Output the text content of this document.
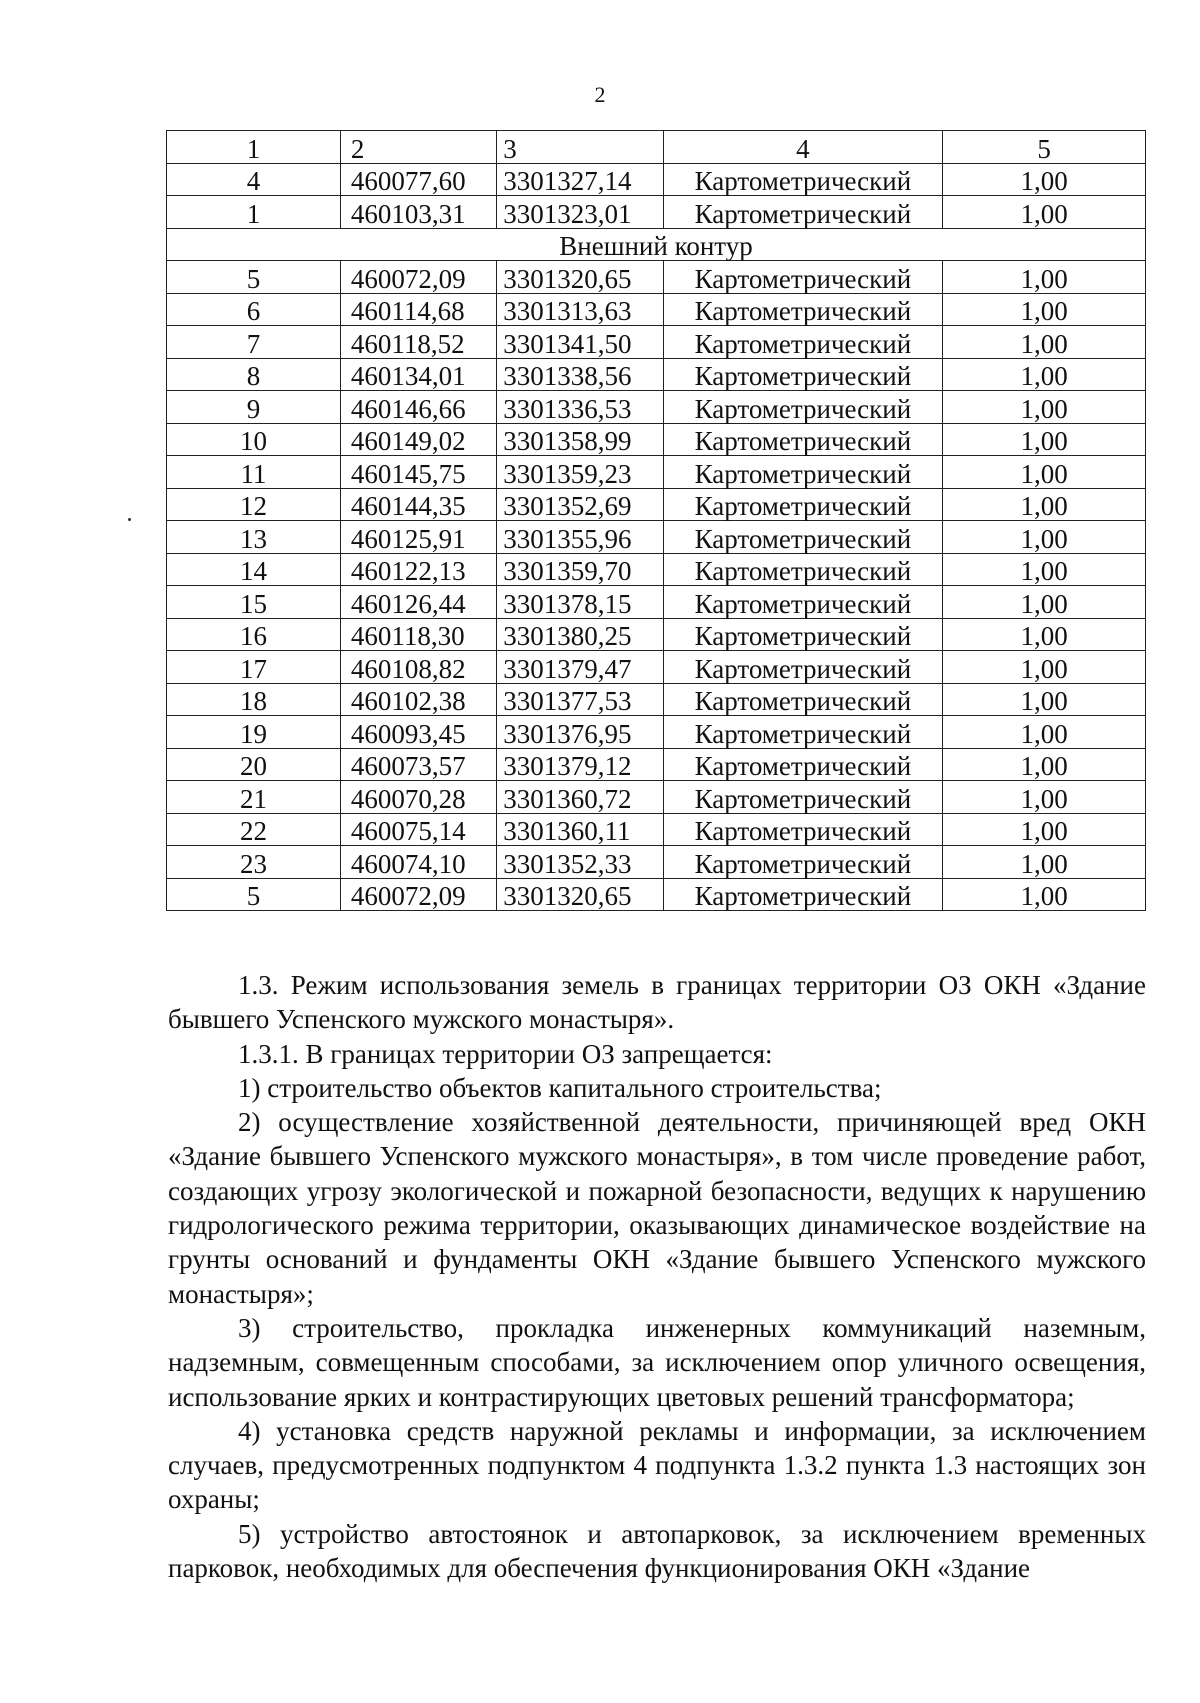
2
1	2	3	4	5
4	460077,60	3301327,14	Картометрический	1,00
1	460103,31	3301323,01	Картометрический	1,00
Внешний контур				
5	460072,09	3301320,65	Картометрический	1,00
6	460114,68	3301313,63	Картометрический	1,00
7	460118,52	3301341,50	Картометрический	1,00
8	460134,01	3301338,56	Картометрический	1,00
9	460146,66	3301336,53	Картометрический	1,00
10	460149,02	3301358,99	Картометрический	1,00
11	460145,75	3301359,23	Картометрический	1,00
12	460144,35	3301352,69	Картометрический	1,00
13	460125,91	3301355,96	Картометрический	1,00
14	460122,13	3301359,70	Картометрический	1,00
15	460126,44	3301378,15	Картометрический	1,00
16	460118,30	3301380,25	Картометрический	1,00
17	460108,82	3301379,47	Картометрический	1,00
18	460102,38	3301377,53	Картометрический	1,00
19	460093,45	3301376,95	Картометрический	1,00
20	460073,57	3301379,12	Картометрический	1,00
21	460070,28	3301360,72	Картометрический	1,00
22	460075,14	3301360,11	Картометрический	1,00
23	460074,10	3301352,33	Картометрический	1,00
5	460072,09	3301320,65	Картометрический	1,00

1.3. Режим использования земель в границах территории ОЗ ОКН «Здание бывшего Успенского мужского монастыря».

1.3.1. В границах территории ОЗ запрещается:

1) строительство объектов капитального строительства;

2) осуществление хозяйственной деятельности, причиняющей вред ОКН «Здание бывшего Успенского мужского монастыря», в том числе проведение работ, создающих угрозу экологической и пожарной безопасности, ведущих к нарушению гидрологического режима территории, оказывающих динамическое воздействие на грунты оснований и фундаменты ОКН «Здание бывшего Успенского мужского монастыря»;

3) строительство, прокладка инженерных коммуникаций наземным, надземным, совмещенным способами, за исключением опор уличного освещения, использование ярких и контрастирующих цветовых решений трансформатора;

4) установка средств наружной рекламы и информации, за исключением случаев, предусмотренных подпунктом 4 подпункта 1.3.2 пункта 1.3 настоящих зон охраны;

5) устройство автостоянок и автопарковок, за исключением временных парковок, необходимых для обеспечения функционирования ОКН «Здание
